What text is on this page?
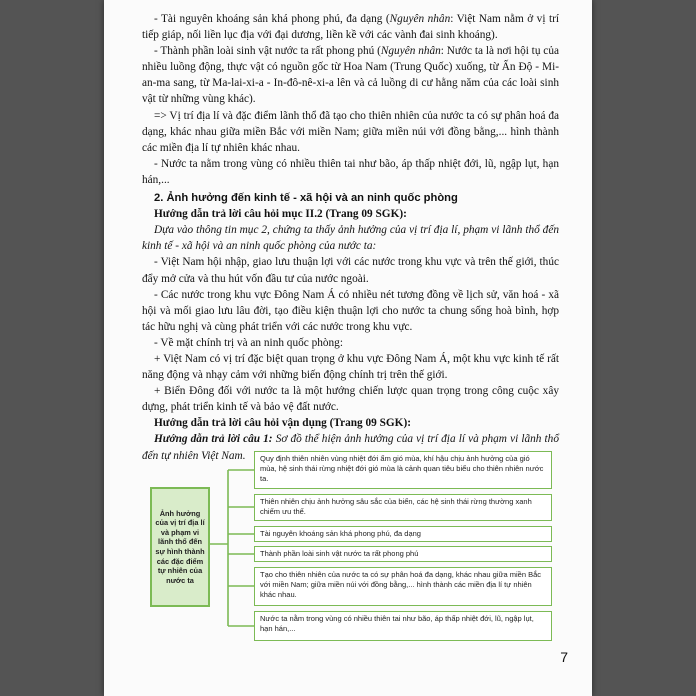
- Tài nguyên khoáng sản khá phong phú, đa dạng (Nguyên nhân: Việt Nam nằm ở vị trí tiếp giáp, nối liền lục địa với đại dương, liền kề với các vành đai sinh khoáng).

- Thành phần loài sinh vật nước ta rất phong phú (Nguyên nhân: Nước ta là nơi hội tụ của nhiều luồng động, thực vật có nguồn gốc từ Hoa Nam (Trung Quốc) xuống, từ Ấn Độ - Mi-an-ma sang, từ Ma-lai-xi-a - In-đô-nê-xi-a lên và cả luồng di cư hằng năm của các loài sinh vật từ những vùng khác).

=> Vị trí địa lí và đặc điểm lãnh thổ đã tạo cho thiên nhiên của nước ta có sự phân hoá đa dạng, khác nhau giữa miền Bắc với miền Nam; giữa miền núi với đồng bằng,... hình thành các miền địa lí tự nhiên khác nhau.

- Nước ta nằm trong vùng có nhiều thiên tai như bão, áp thấp nhiệt đới, lũ, ngập lụt, hạn hán,...

2. Ảnh hưởng đến kinh tế - xã hội và an ninh quốc phòng

Hướng dẫn trả lời câu hỏi mục II.2 (Trang 09 SGK):

Dựa vào thông tin mục 2, chứng ta thấy ảnh hưởng của vị trí địa lí, phạm vi lãnh thổ đến kinh tế - xã hội và an ninh quốc phòng của nước ta:

- Việt Nam hội nhập, giao lưu thuận lợi với các nước trong khu vực và trên thế giới, thúc đẩy mở cửa và thu hút vốn đầu tư của nước ngoài.

- Các nước trong khu vực Đông Nam Á có nhiều nét tương đồng về lịch sử, văn hoá - xã hội và mối giao lưu lâu đời, tạo điều kiện thuận lợi cho nước ta chung sống hoà bình, hợp tác hữu nghị và cùng phát triển với các nước trong khu vực.

- Về mặt chính trị và an ninh quốc phòng:

+ Việt Nam có vị trí đặc biệt quan trọng ở khu vực Đông Nam Á, một khu vực kinh tế rất năng động và nhạy cảm với những biến động chính trị trên thế giới.

+ Biển Đông đối với nước ta là một hướng chiến lược quan trọng trong công cuộc xây dựng, phát triển kinh tế và bảo vệ đất nước.

Hướng dẫn trả lời câu hỏi vận dụng (Trang 09 SGK):

Hướng dẫn trả lời câu 1: Sơ đồ thể hiện ảnh hưởng của vị trí địa lí và phạm vi lãnh thổ đến tự nhiên Việt Nam.

Ảnh hưởng của vị trí địa lí và phạm vi lãnh thổ đến sự hình thành các đặc điểm tự nhiên của nước ta
Quy định thiên nhiên vùng nhiệt đới ẩm gió mùa, khí hậu chịu ảnh hưởng của gió mùa, hệ sinh thái rừng nhiệt đới gió mùa là cảnh quan tiêu biểu cho thiên nhiên nước ta.
Thiên nhiên chịu ảnh hưởng sâu sắc của biển, các hệ sinh thái rừng thường xanh chiếm ưu thế.
Tài nguyên khoáng sản khá phong phú, đa dạng
Thành phần loài sinh vật nước ta rất phong phú
Tạo cho thiên nhiên của nước ta có sự phân hoá đa dạng, khác nhau giữa miền Bắc với miền Nam; giữa miền núi với đồng bằng,... hình thành các miền địa lí tự nhiên khác nhau.
Nước ta nằm trong vùng có nhiều thiên tai như bão, áp thấp nhiệt đới, lũ, ngập lụt, hạn hán,...
7
